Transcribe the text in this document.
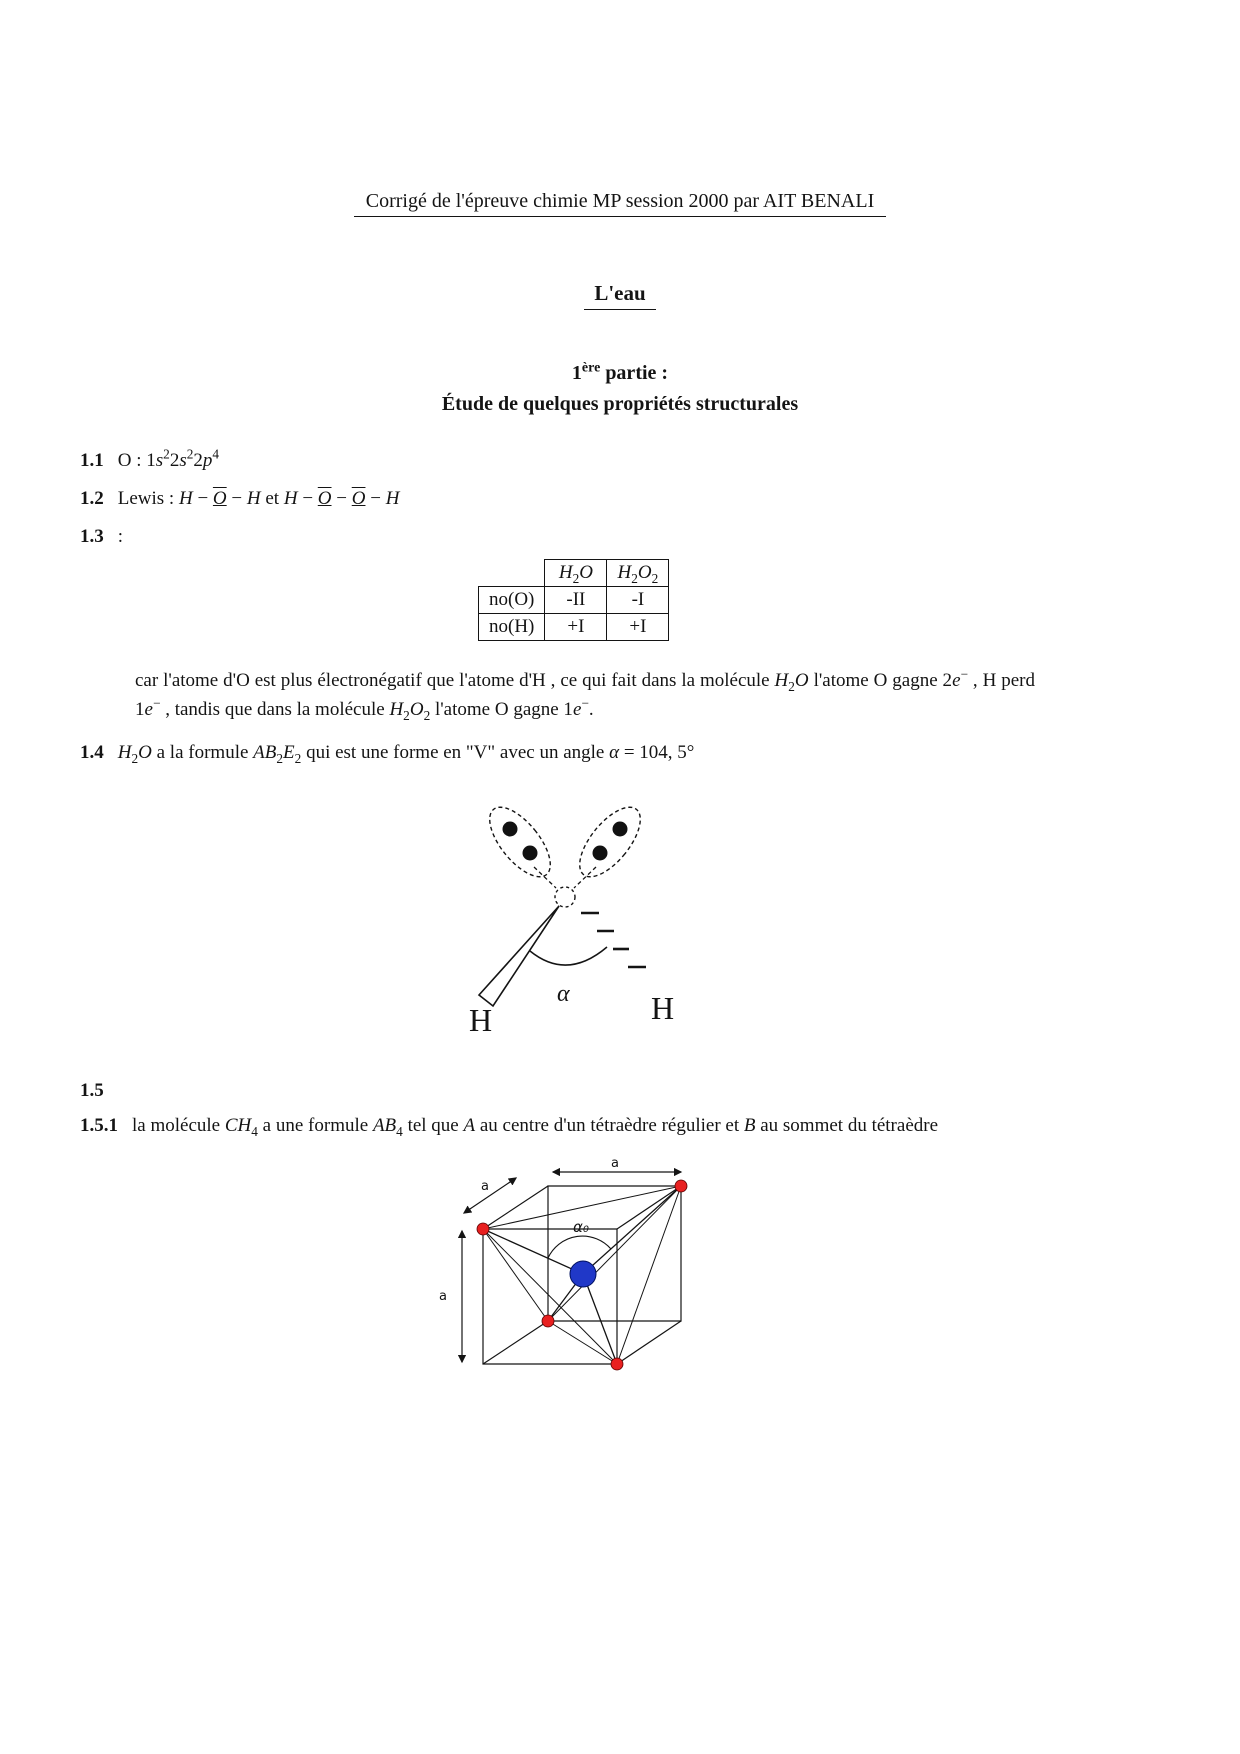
Corrigé de l'épreuve chimie MP session 2000 par AIT BENALI
L'eau
1ère partie :
Étude de quelques propriétés structurales
1.1 O : $1s^22s^22p^4$
1.2 Lewis : H − O − H et H − O − O − H
1.3 :
	$H_2O$	$H_2O_2$
no(O)	-II	-I
no(H)	+I	+I
car l'atome d'O est plus électronégatif que l'atome d'H , ce qui fait dans la molécule $H_2O$ l'atome O gagne 2e− , H perd 1e− , tandis que dans la molécule $H_2O_2$ l'atome O gagne 1e−.
1.4 $H_2O$ a la formule $AB_2E_2$ qui est une forme en "V" avec un angle α = 104, 5°
α
H	H
1.5
1.5.1 la molécule $CH_4$ a une formule $AB_4$ tel que A au centre d'un tétraèdre régulier et B au sommet du tétraèdre
α₀
a
a
a
